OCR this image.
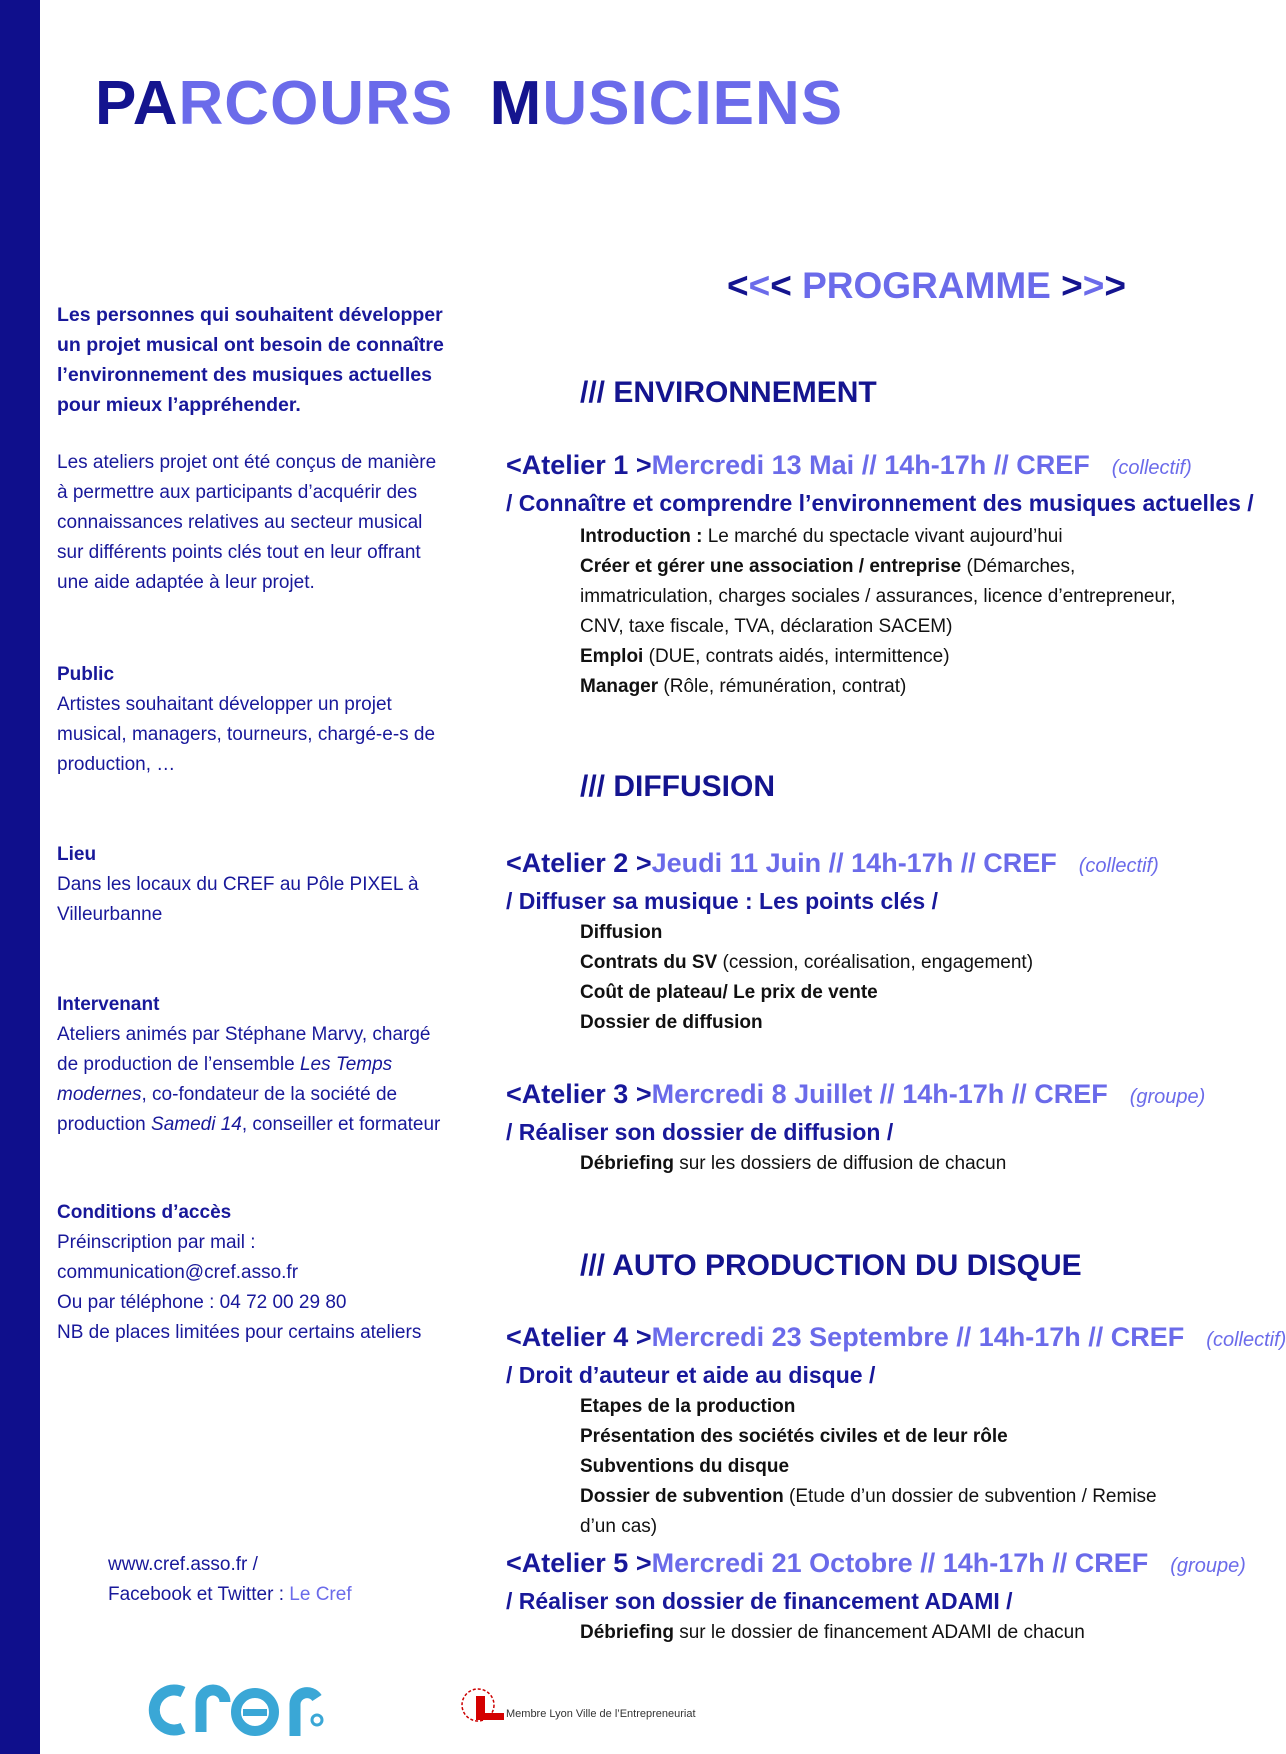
PARCOURS MUSICIENS
Les personnes qui souhaitent développer un projet musical ont besoin de connaître l’environnement des musiques actuelles pour mieux l’appréhender.
Les ateliers projet ont été conçus de manière à permettre aux participants d’acquérir des connaissances relatives au secteur musical sur différents points clés tout en leur offrant une aide adaptée à leur projet.
Public
Artistes souhaitant développer un projet musical, managers, tourneurs, chargé-e-s de production, …
Lieu
Dans les locaux du CREF au Pôle PIXEL à Villeurbanne
Intervenant
Ateliers animés par Stéphane Marvy, chargé de production de l’ensemble Les Temps modernes, co-fondateur de la société de production Samedi 14, conseiller et formateur
Conditions d’accès
Préinscription par mail :
communication@cref.asso.fr
Ou par téléphone : 04 72 00 29 80
NB de places limitées pour certains ateliers
www.cref.asso.fr /
Facebook et Twitter : Le Cref
<<< PROGRAMME >>>
/// ENVIRONNEMENT
<Atelier 1 >Mercredi 13 Mai // 14h-17h // CREF (collectif)
/ Connaître et comprendre l’environnement des musiques actuelles /
Introduction : Le marché du spectacle vivant aujourd’hui
Créer et gérer une association / entreprise (Démarches, immatriculation, charges sociales / assurances, licence d’entrepreneur, CNV, taxe fiscale, TVA, déclaration SACEM)
Emploi (DUE, contrats aidés, intermittence)
Manager (Rôle, rémunération, contrat)
/// DIFFUSION
<Atelier 2 >Jeudi 11 Juin // 14h-17h // CREF (collectif)
/ Diffuser sa musique : Les points clés /
Diffusion
Contrats du SV (cession, coréalisation, engagement)
Coût de plateau/ Le prix de vente
Dossier de diffusion
<Atelier 3 >Mercredi 8 Juillet // 14h-17h // CREF (groupe)
/ Réaliser son dossier de diffusion /
Débriefing sur les dossiers de diffusion de chacun
/// AUTO PRODUCTION DU DISQUE
<Atelier 4 >Mercredi 23 Septembre // 14h-17h // CREF (collectif)
/ Droit d’auteur et aide au disque /
Etapes de la production
Présentation des sociétés civiles et de leur rôle
Subventions du disque
Dossier de subvention (Etude d’un dossier de subvention / Remise d’un cas)
<Atelier 5 >Mercredi 21 Octobre // 14h-17h // CREF (groupe)
/ Réaliser son dossier de financement ADAMI /
Débriefing sur le dossier de financement ADAMI de chacun
Membre Lyon Ville de l’Entrepreneuriat
